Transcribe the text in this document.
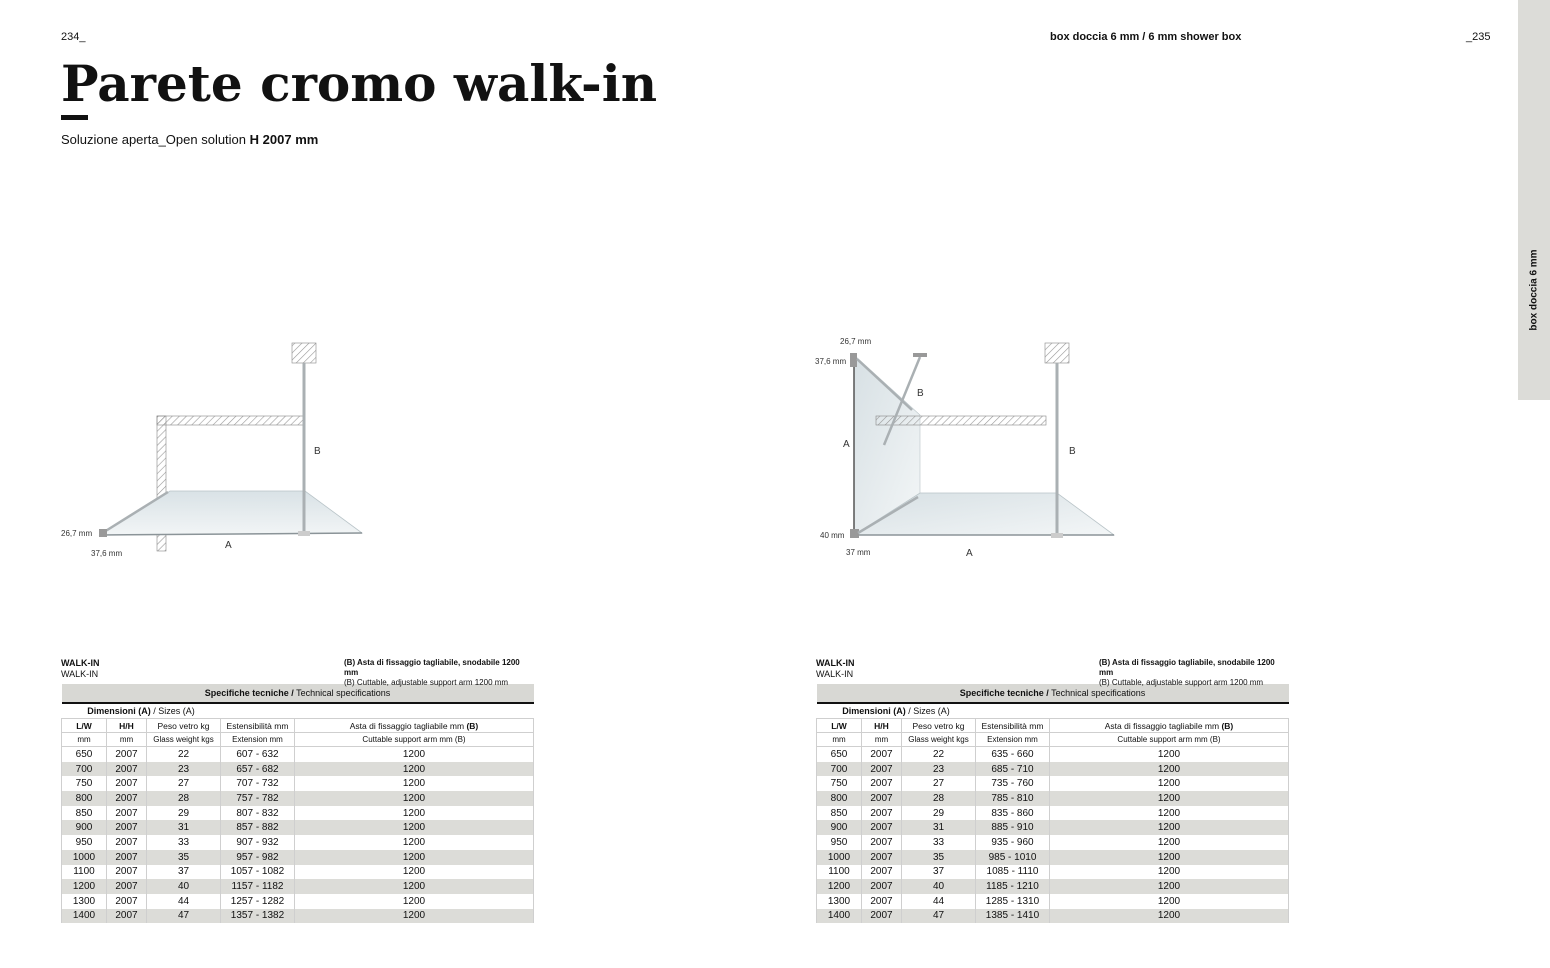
234_	box doccia 6 mm / 6 mm shower box	_235
box doccia 6 mm
Parete cromo walk-in
Soluzione aperta_Open solution H 2007 mm
26,7 mm
37,6 mm
A
B
26,7 mm
37,6 mm
40 mm
37 mm
A
B
A
B
WALK-IN
WALK-IN
(B) Asta di fissaggio tagliabile, snodabile 1200 mm
(B) Cuttable, adjustable support arm 1200 mm
Specifiche tecniche / Technical specifications				
Dimensioni (A) / Sizes (A)				
L/W	H/H	Peso vetro kg	Estensibilità mm	Asta di fissaggio tagliabile mm (B)
mm	mm	Glass weight kgs	Extension mm	Cuttable support arm mm (B)
650	2007	22	607 - 632	1200
700	2007	23	657 - 682	1200
750	2007	27	707 - 732	1200
800	2007	28	757 - 782	1200
850	2007	29	807 - 832	1200
900	2007	31	857 - 882	1200
950	2007	33	907 - 932	1200
1000	2007	35	957 - 982	1200
1100	2007	37	1057 - 1082	1200
1200	2007	40	1157 - 1182	1200
1300	2007	44	1257 - 1282	1200
1400	2007	47	1357 - 1382	1200
WALK-IN
WALK-IN
(B) Asta di fissaggio tagliabile, snodabile 1200 mm
(B) Cuttable, adjustable support arm 1200 mm
Specifiche tecniche / Technical specifications				
Dimensioni (A) / Sizes (A)				
L/W	H/H	Peso vetro kg	Estensibilità mm	Asta di fissaggio tagliabile mm (B)
mm	mm	Glass weight kgs	Extension mm	Cuttable support arm mm (B)
650	2007	22	635 - 660	1200
700	2007	23	685 - 710	1200
750	2007	27	735 - 760	1200
800	2007	28	785 - 810	1200
850	2007	29	835 - 860	1200
900	2007	31	885 - 910	1200
950	2007	33	935 - 960	1200
1000	2007	35	985 - 1010	1200
1100	2007	37	1085 - 1110	1200
1200	2007	40	1185 - 1210	1200
1300	2007	44	1285 - 1310	1200
1400	2007	47	1385 - 1410	1200
